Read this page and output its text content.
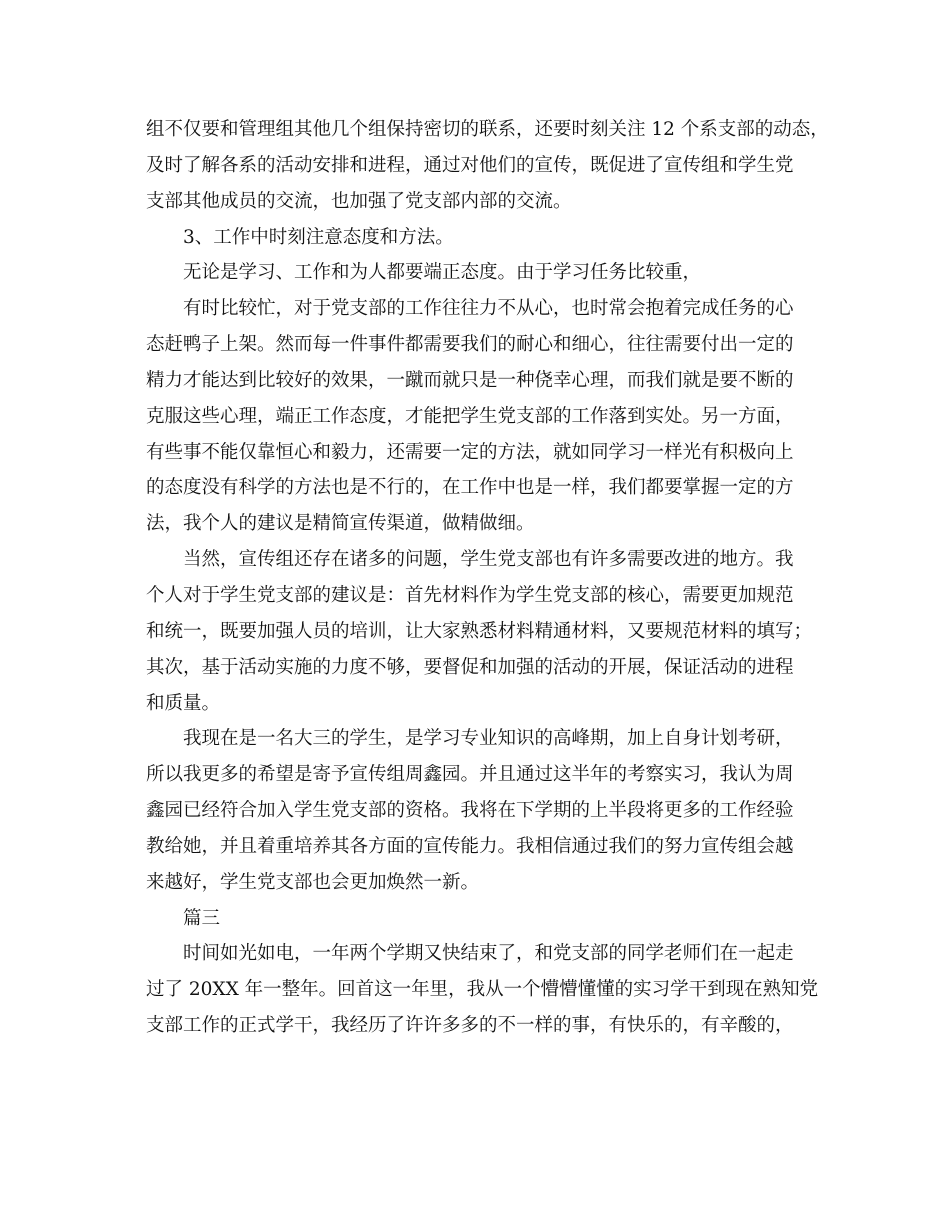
组不仅要和管理组其他几个组保持密切的联系，还要时刻关注 12 个系支部的动态，
及时了解各系的活动安排和进程，通过对他们的宣传，既促进了宣传组和学生党
支部其他成员的交流，也加强了党支部内部的交流。
3、工作中时刻注意态度和方法。
无论是学习、工作和为人都要端正态度。由于学习任务比较重，
有时比较忙，对于党支部的工作往往力不从心，也时常会抱着完成任务的心
态赶鸭子上架。然而每一件事件都需要我们的耐心和细心，往往需要付出一定的
精力才能达到比较好的效果，一蹴而就只是一种侥幸心理，而我们就是要不断的
克服这些心理，端正工作态度，才能把学生党支部的工作落到实处。另一方面，
有些事不能仅靠恒心和毅力，还需要一定的方法，就如同学习一样光有积极向上
的态度没有科学的方法也是不行的，在工作中也是一样，我们都要掌握一定的方
法，我个人的建议是精简宣传渠道，做精做细。
当然，宣传组还存在诸多的问题，学生党支部也有许多需要改进的地方。我
个人对于学生党支部的建议是：首先材料作为学生党支部的核心，需要更加规范
和统一，既要加强人员的培训，让大家熟悉材料精通材料，又要规范材料的填写；
其次，基于活动实施的力度不够，要督促和加强的活动的开展，保证活动的进程
和质量。
我现在是一名大三的学生，是学习专业知识的高峰期，加上自身计划考研，
所以我更多的希望是寄予宣传组周鑫园。并且通过这半年的考察实习，我认为周
鑫园已经符合加入学生党支部的资格。我将在下学期的上半段将更多的工作经验
教给她，并且着重培养其各方面的宣传能力。我相信通过我们的努力宣传组会越
来越好，学生党支部也会更加焕然一新。
篇三
时间如光如电，一年两个学期又快结束了，和党支部的同学老师们在一起走
过了 20XX 年一整年。回首这一年里，我从一个懵懵懂懂的实习学干到现在熟知党
支部工作的正式学干，我经历了许许多多的不一样的事，有快乐的，有辛酸的，
